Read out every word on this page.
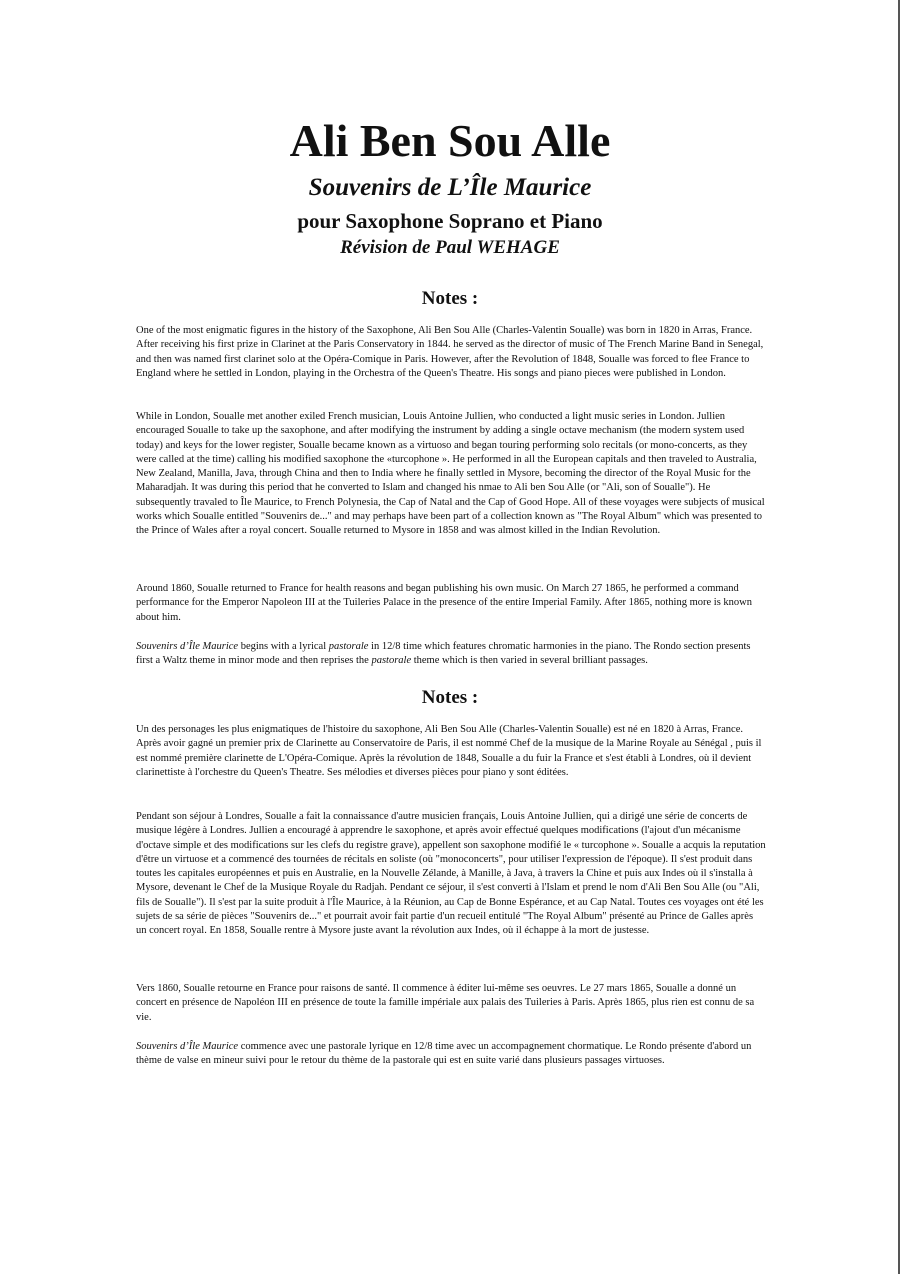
Ali Ben Sou Alle
Souvenirs de L’Île Maurice
pour Saxophone Soprano et Piano
Révision de Paul WEHAGE
Notes :

One of the most enigmatic figures in the history of the Saxophone, Ali Ben Sou Alle (Charles-Valentin Soualle) was born in 1820 in Arras, France. After receiving his first prize in Clarinet at the Paris Conservatory in 1844. he served as the director of music of The French Marine Band in Senegal, and then was named first clarinet solo at the Opéra-Comique in Paris. However, after the Revolution of 1848, Soualle was forced to flee France to England where he settled in London, playing in the Orchestra of the Queen's Theatre. His songs and piano pieces were published in London.

While in London, Soualle met another exiled French musician, Louis Antoine Jullien, who conducted a light music series in London. Jullien encouraged Soualle to take up the saxophone, and after modifying the instrument by adding a single octave mechanism (the modern system used today) and keys for the lower register, Soualle became known as a virtuoso and began touring performing solo recitals (or mono-concerts, as they were called at the time) calling his modified saxophone the «turcophone ». He performed in all the European capitals and then traveled to Australia, New Zealand, Manilla, Java, through China and then to India where he finally settled in Mysore, becoming the director of the Royal Music for the Maharadjah. It was during this period that he converted to Islam and changed his nmae to Ali ben Sou Alle (or "Ali, son of Soualle"). He subsequently travaled to Île Maurice, to French Polynesia, the Cap of Natal and the Cap of Good Hope. All of these voyages were subjects of musical works which Soualle entitled "Souvenirs de..." and may perhaps have been part of a collection known as "The Royal Album" which was presented to the Prince of Wales after a royal concert. Soualle returned to Mysore in 1858 and was almost killed in the Indian Revolution.

Around 1860, Soualle returned to France for health reasons and began publishing his own music. On March 27 1865, he performed a command performance for the Emperor Napoleon III at the Tuileries Palace in the presence of the entire Imperial Family. After 1865, nothing more is known about him.

Souvenirs d’Île Maurice begins with a lyrical pastorale in 12/8 time which features chromatic harmonies in the piano. The Rondo section presents first a Waltz theme in minor mode and then reprises the pastorale theme which is then varied in several brilliant passages.

Notes :

Un des personages les plus enigmatiques de l'histoire du saxophone, Ali Ben Sou Alle (Charles-Valentin Soualle) est né en 1820 à Arras, France. Après avoir gagné un premier prix de Clarinette au Conservatoire de Paris, il est nommé Chef de la musique de la Marine Royale au Sénégal , puis il est nommé première clarinette de L'Opéra-Comique. Après la révolution de 1848, Soualle a du fuir la France et s'est établi à Londres, où il devient clarinettiste à l'orchestre du Queen's Theatre. Ses mélodies et diverses pièces pour piano y sont éditées.

Pendant son séjour à Londres, Soualle a fait la connaissance d'autre musicien français, Louis Antoine Jullien, qui a dirigé une série de concerts de musique légère à Londres. Jullien a encouragé à apprendre le saxophone, et après avoir effectué quelques modifications (l'ajout d'un mécanisme d'octave simple et des modifications sur les clefs du registre grave), appellent son saxophone modifié le « turcophone ». Soualle a acquis la reputation d'être un virtuose et a commencé des tournées de récitals en soliste (où "monoconcerts", pour utiliser l'expression de l'époque). Il s'est produit dans toutes les capitales européennes et puis en Australie, en la Nouvelle Zélande, à Manille, à Java, à travers la Chine et puis aux Indes où il s'installa à Mysore, devenant le Chef de la Musique Royale du Radjah. Pendant ce séjour, il s'est converti à l'Islam et prend le nom d'Ali Ben Sou Alle (ou "Ali, fils de Soualle"). Il s'est par la suite produit à l'Île Maurice, à la Réunion, au Cap de Bonne Espérance, et au Cap Natal. Toutes ces voyages ont été les sujets de sa série de pièces "Souvenirs de..." et pourrait avoir fait partie d'un recueil entitulé "The Royal Album" présenté au Prince de Galles après un concert royal. En 1858, Soualle rentre à Mysore juste avant la révolution aux Indes, où il échappe à la mort de justesse.

Vers 1860, Soualle retourne en France pour raisons de santé. Il commence à éditer lui-même ses oeuvres. Le 27 mars 1865, Soualle a donné un concert en présence de Napoléon III en présence de toute la famille impériale aux palais des Tuileries à Paris. Après 1865, plus rien est connu de sa vie.

Souvenirs d’Île Maurice commence avec une pastorale lyrique en 12/8 time avec un accompagnement chormatique. Le Rondo présente d'abord un thème de valse en mineur suivi pour le retour du thème de la pastorale qui est en suite varié dans plusieurs passages virtuoses.
